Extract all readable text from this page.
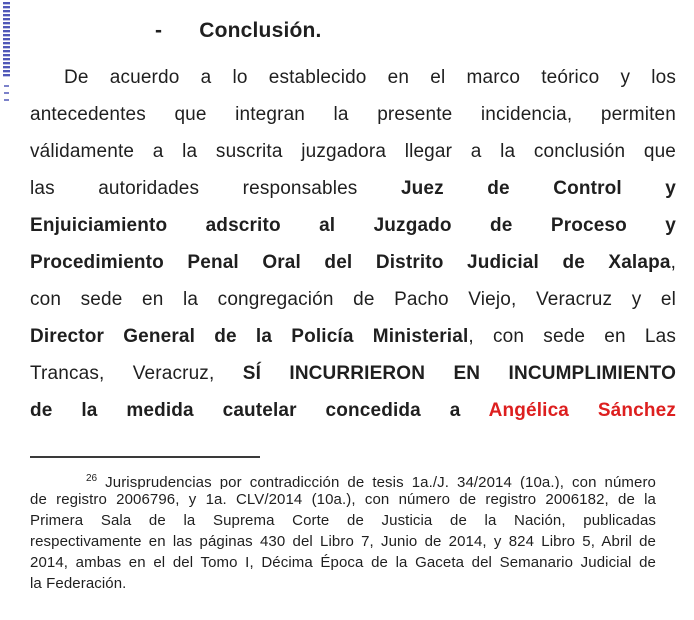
- Conclusión.
De acuerdo a lo establecido en el marco teórico y los
antecedentes que integran la presente incidencia, permiten
válidamente a la suscrita juzgadora llegar a la conclusión que
las autoridades responsables Juez de Control y
Enjuiciamiento adscrito al Juzgado de Proceso y
Procedimiento Penal Oral del Distrito Judicial de Xalapa,
con sede en la congregación de Pacho Viejo, Veracruz y el
Director General de la Policía Ministerial, con sede en Las
Trancas, Veracruz, SÍ INCURRIERON EN INCUMPLIMIENTO
de la medida cautelar concedida a Angélica Sánchez
$^{26}$ Jurisprudencias por contradicción de tesis 1a./J. 34/2014 (10a.), con número
de registro 2006796, y 1a. CLV/2014 (10a.), con número de registro 2006182, de la
Primera Sala de la Suprema Corte de Justicia de la Nación, publicadas
respectivamente en las páginas 430 del Libro 7, Junio de 2014, y 824 Libro 5, Abril de
2014, ambas en el del Tomo I, Décima Época de la Gaceta del Semanario Judicial de
la Federación.
